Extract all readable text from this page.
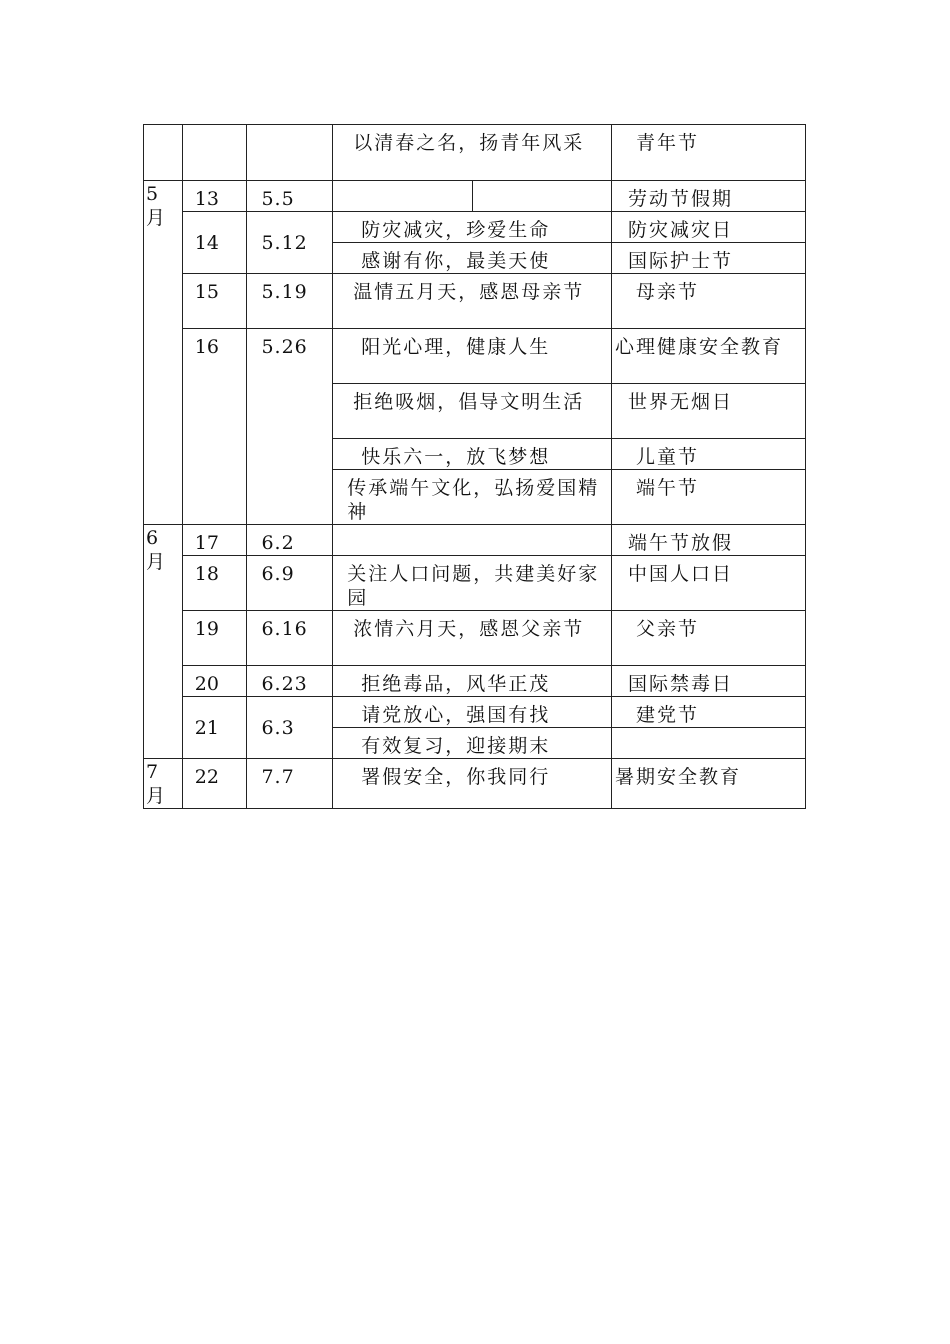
			以清春之名，扬青年风采		青年节

5月	13	5.5			劳动节假期

	14	5.12	防灾减灾，珍爱生命		防灾减灾日

			感谢有你，最美天使		国际护士节

	15	5.19	温情五月天，感恩母亲节		母亲节

	16	5.26	阳光心理，健康人生		心理健康安全教育

			拒绝吸烟，倡导文明生活		世界无烟日

			快乐六一，放飞梦想		儿童节

			传承端午文化，弘扬爱国精神		端午节

6月	17	6.2			端午节放假

	18	6.9	关注人口问题，共建美好家园		中国人口日

	19	6.16	浓情六月天，感恩父亲节		父亲节

	20	6.23	拒绝毒品，风华正茂		国际禁毒日

	21	6.3	请党放心，强国有找		建党节

			有效复习，迎接期末		

7月	22	7.7	署假安全，你我同行		暑期安全教育
